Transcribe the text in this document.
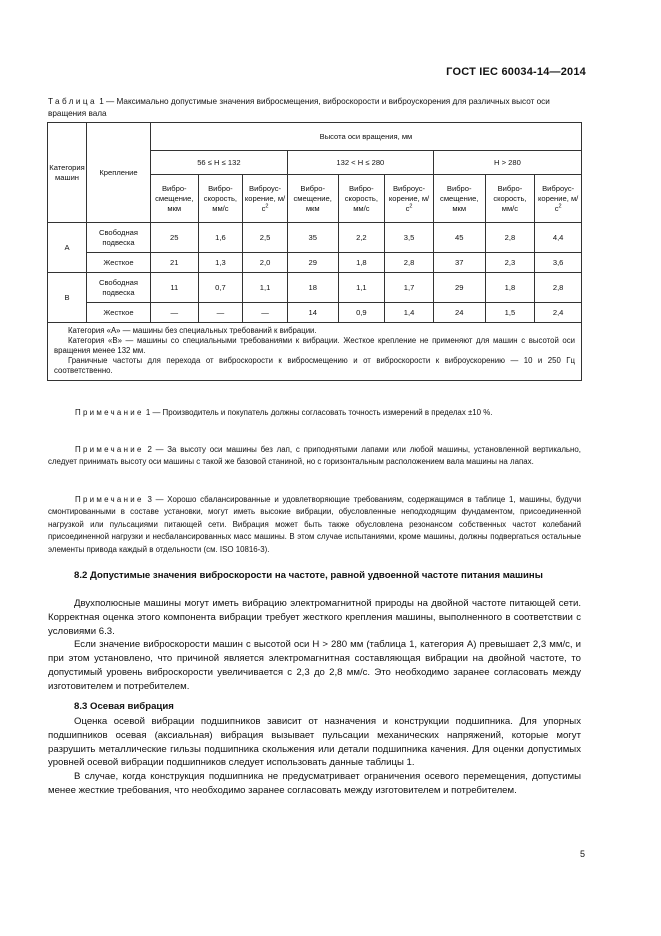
ГОСТ IEC 60034-14—2014
Таблица 1 — Максимально допустимые значения виброcмещения, виброскорости и виброускорения для различных высот оси вращения вала
Категория машин	Крепление	Высота оси вращения, мм								
		56 ≤ H ≤ 132			132 < H ≤ 280			H > 280		
		Вибро- смещение, мкм	Вибро- скорость, мм/с	Виброус- корение, $м/с^2$	Вибро- смещение, мкм	Вибро- скорость, мм/с	Виброус- корение, $м/с^2$	Вибро- смещение, мкм	Вибро- скорость, мм/с	Виброус- корение, $м/с^2$
A	Свободная подвеска	25	1,6	2,5	35	2,2	3,5	45	2,8	4,4
	Жесткое	21	1,3	2,0	29	1,8	2,8	37	2,3	3,6
B	Свободная подвеска	11	0,7	1,1	18	1,1	1,7	29	1,8	2,8
	Жесткое	—	—	—	14	0,9	1,4	24	1,5	2,4

Категория «А» — машины без специальных требований к вибрации.

Категория «В» — машины со специальными требованиями к вибрации. Жесткое крепление не применяют для машин с высотой оси вращения менее 132 мм.

Граничные частоты для перехода от виброскорости к вибросмещению и от виброскорости к виброускорению — 10 и 250 Гц соответственно.										

Примечание 1 — Производитель и покупатель должны согласовать точность измерений в пределах ±10 %.
Примечание 2 — За высоту оси машины без лап, с приподнятыми лапами или любой машины, установленной вертикально, следует принимать высоту оси машины с такой же базовой станиной, но с горизонтальным расположением вала машины на лапах.
Примечание 3 — Хорошо сбалансированные и удовлетворяющие требованиям, содержащимся в таблице 1, машины, будучи смонтированными в составе установки, могут иметь высокие вибрации, обусловленные неподходящим фундаментом, присоединенной нагрузкой или пульсациями питающей сети. Вибрация может быть также обусловлена резонансом собственных частот колебаний присоединенной нагрузки и несбалансированных масс машины. В этом случае испытаниями, кроме машины, должны подвергаться остальные элементы привода каждый в отдельности (см. ISO 10816-3).
8.2 Допустимые значения виброскорости на частоте, равной удвоенной частоте питания машины

Двухполюсные машины могут иметь вибрацию электромагнитной природы на двойной частоте питающей сети. Корректная оценка этого компонента вибрации требует жесткого крепления машины, выполненного в соответствии с условиями 6.3.

Если значение виброскорости машин с высотой оси H > 280 мм (таблица 1, категория А) превышает 2,3 мм/с, и при этом установлено, что причиной является электромагнитная составляющая вибрации на двойной частоте, то допустимый уровень виброскорости увеличивается с 2,3 до 2,8 мм/с. Это необходимо заранее согласовать между изготовителем и потребителем.

8.3 Осевая вибрация

Оценка осевой вибрации подшипников зависит от назначения и конструкции подшипника. Для упорных подшипников осевая (аксиальная) вибрация вызывает пульсации механических напряжений, которые могут разрушить металлические гильзы подшипника скольжения или детали подшипника качения. Для оценки допустимых уровней осевой вибрации подшипников следует использовать данные таблицы 1.

В случае, когда конструкция подшипника не предусматривает ограничения осевого перемещения, допустимы менее жесткие требования, что необходимо заранее согласовать между изготовителем и потребителем.

5
